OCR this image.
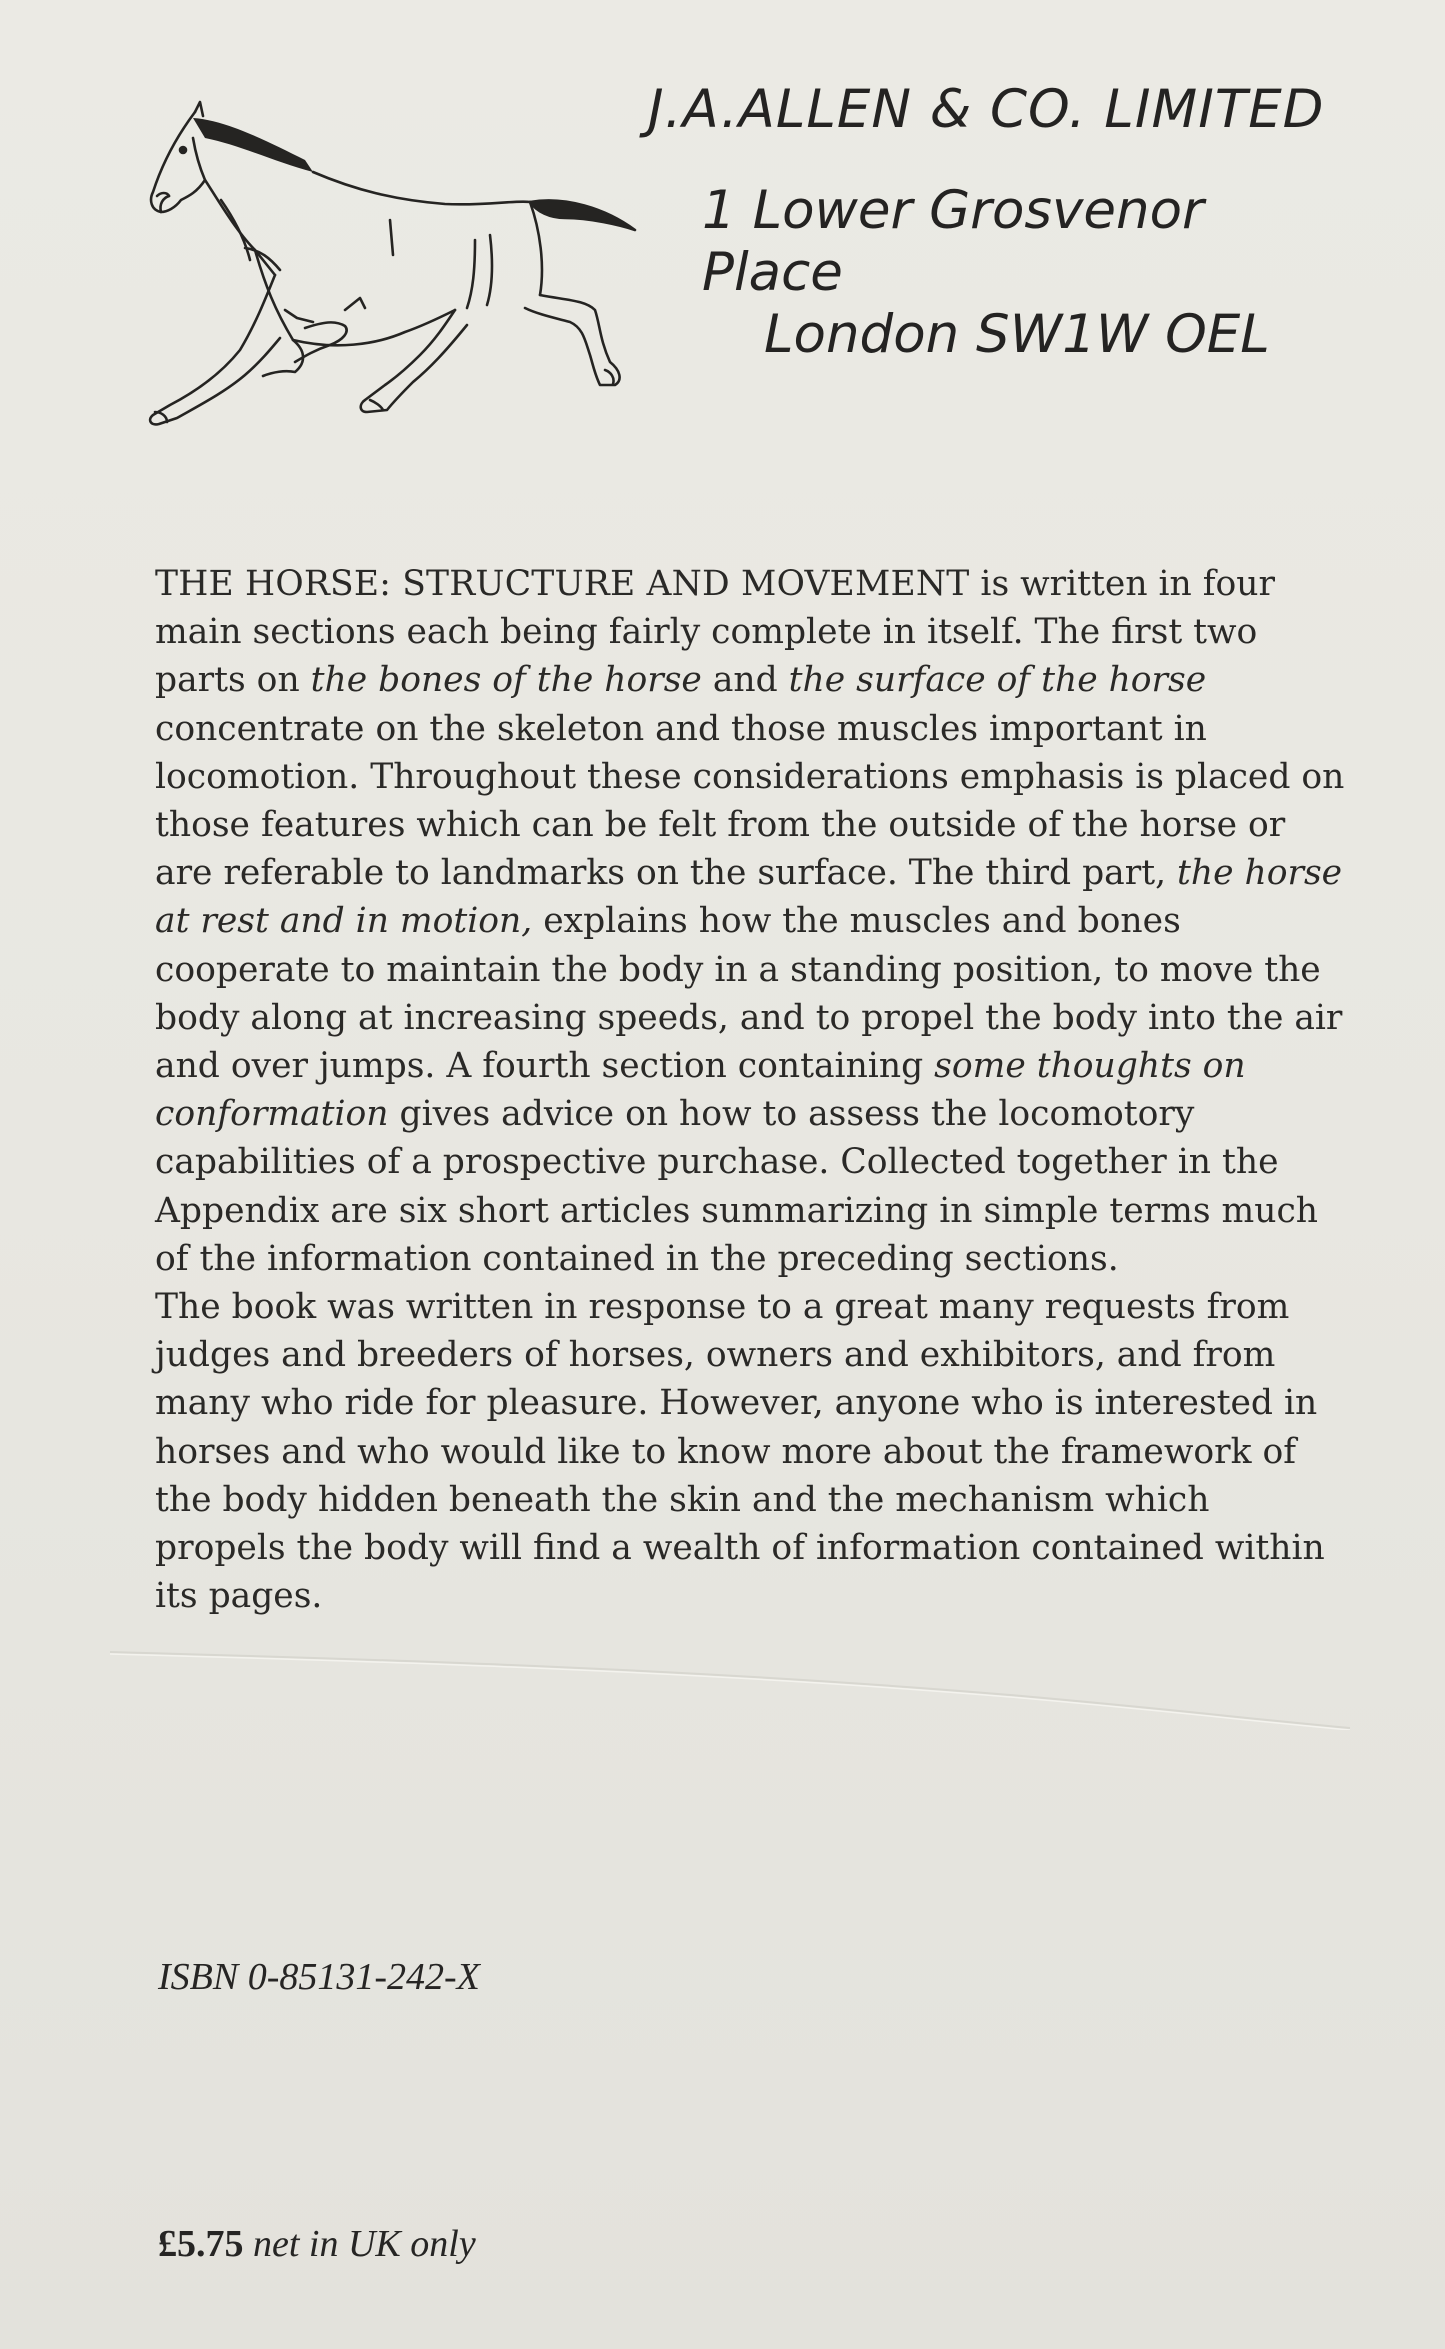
J.A.ALLEN & CO. LIMITED
1 Lower Grosvenor Place
London SW1W OEL

THE HORSE: STRUCTURE AND MOVEMENT is written in four main sections each being fairly complete in itself. The first two parts on the bones of the horse and the surface of the horse concentrate on the skeleton and those muscles important in locomotion. Throughout these considerations emphasis is placed on those features which can be felt from the outside of the horse or are referable to landmarks on the surface. The third part, the horse at rest and in motion, explains how the muscles and bones cooperate to maintain the body in a standing position, to move the body along at increasing speeds, and to propel the body into the air and over jumps. A fourth section containing some thoughts on conformation gives advice on how to assess the locomotory capabilities of a prospective purchase. Collected together in the Appendix are six short articles summarizing in simple terms much of the information contained in the preceding sections.

The book was written in response to a great many requests from judges and breeders of horses, owners and exhibitors, and from many who ride for pleasure. However, anyone who is interested in horses and who would like to know more about the framework of the body hidden beneath the skin and the mechanism which propels the body will find a wealth of information contained within its pages.

ISBN 0-85131-242-X
£5.75 net in UK only
